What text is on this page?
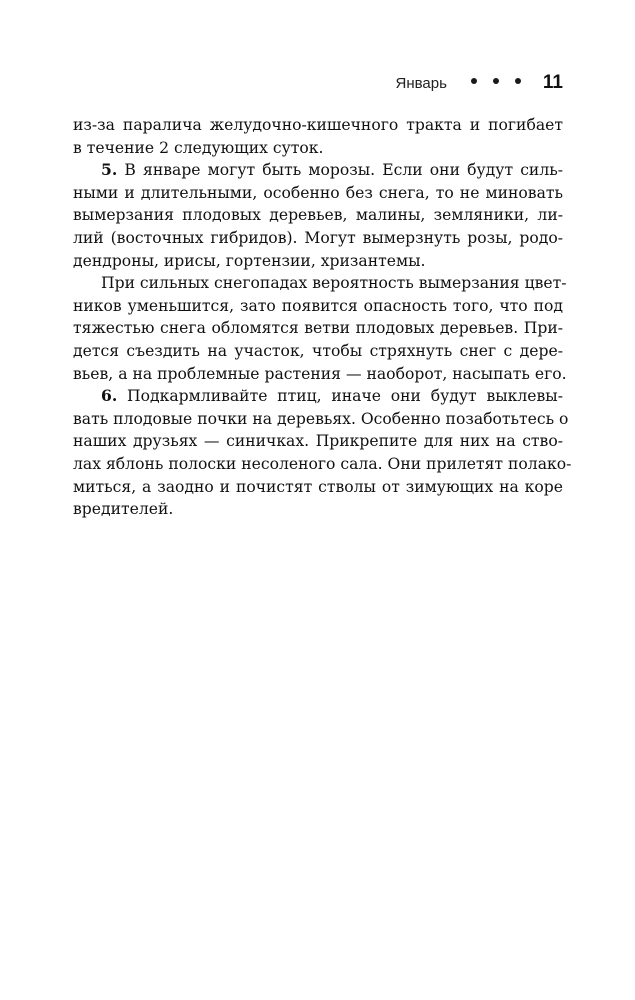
Январь	11

из-за паралича желудочно-кишечного тракта и погибает
в течение 2 следующих суток.

5. В январе могут быть морозы. Если они будут силь-
ными и длительными, особенно без снега, то не миновать
вымерзания плодовых деревьев, малины, земляники, ли-
лий (восточных гибридов). Могут вымерзнуть розы, родо-
дендроны, ирисы, гортензии, хризантемы.

При сильных снегопадах вероятность вымерзания цвет-
ников уменьшится, зато появится опасность того, что под
тяжестью снега обломятся ветви плодовых деревьев. При-
дется съездить на участок, чтобы стряхнуть снег с дере-
вьев, а на проблемные растения — наоборот, насыпать его.

6. Подкармливайте птиц, иначе они будут выклевы-
вать плодовые почки на деревьях. Особенно позаботьтесь о
наших друзьях — синичках. Прикрепите для них на ство-
лах яблонь полоски несоленого сала. Они прилетят полако-
миться, а заодно и почистят стволы от зимующих на коре
вредителей.
